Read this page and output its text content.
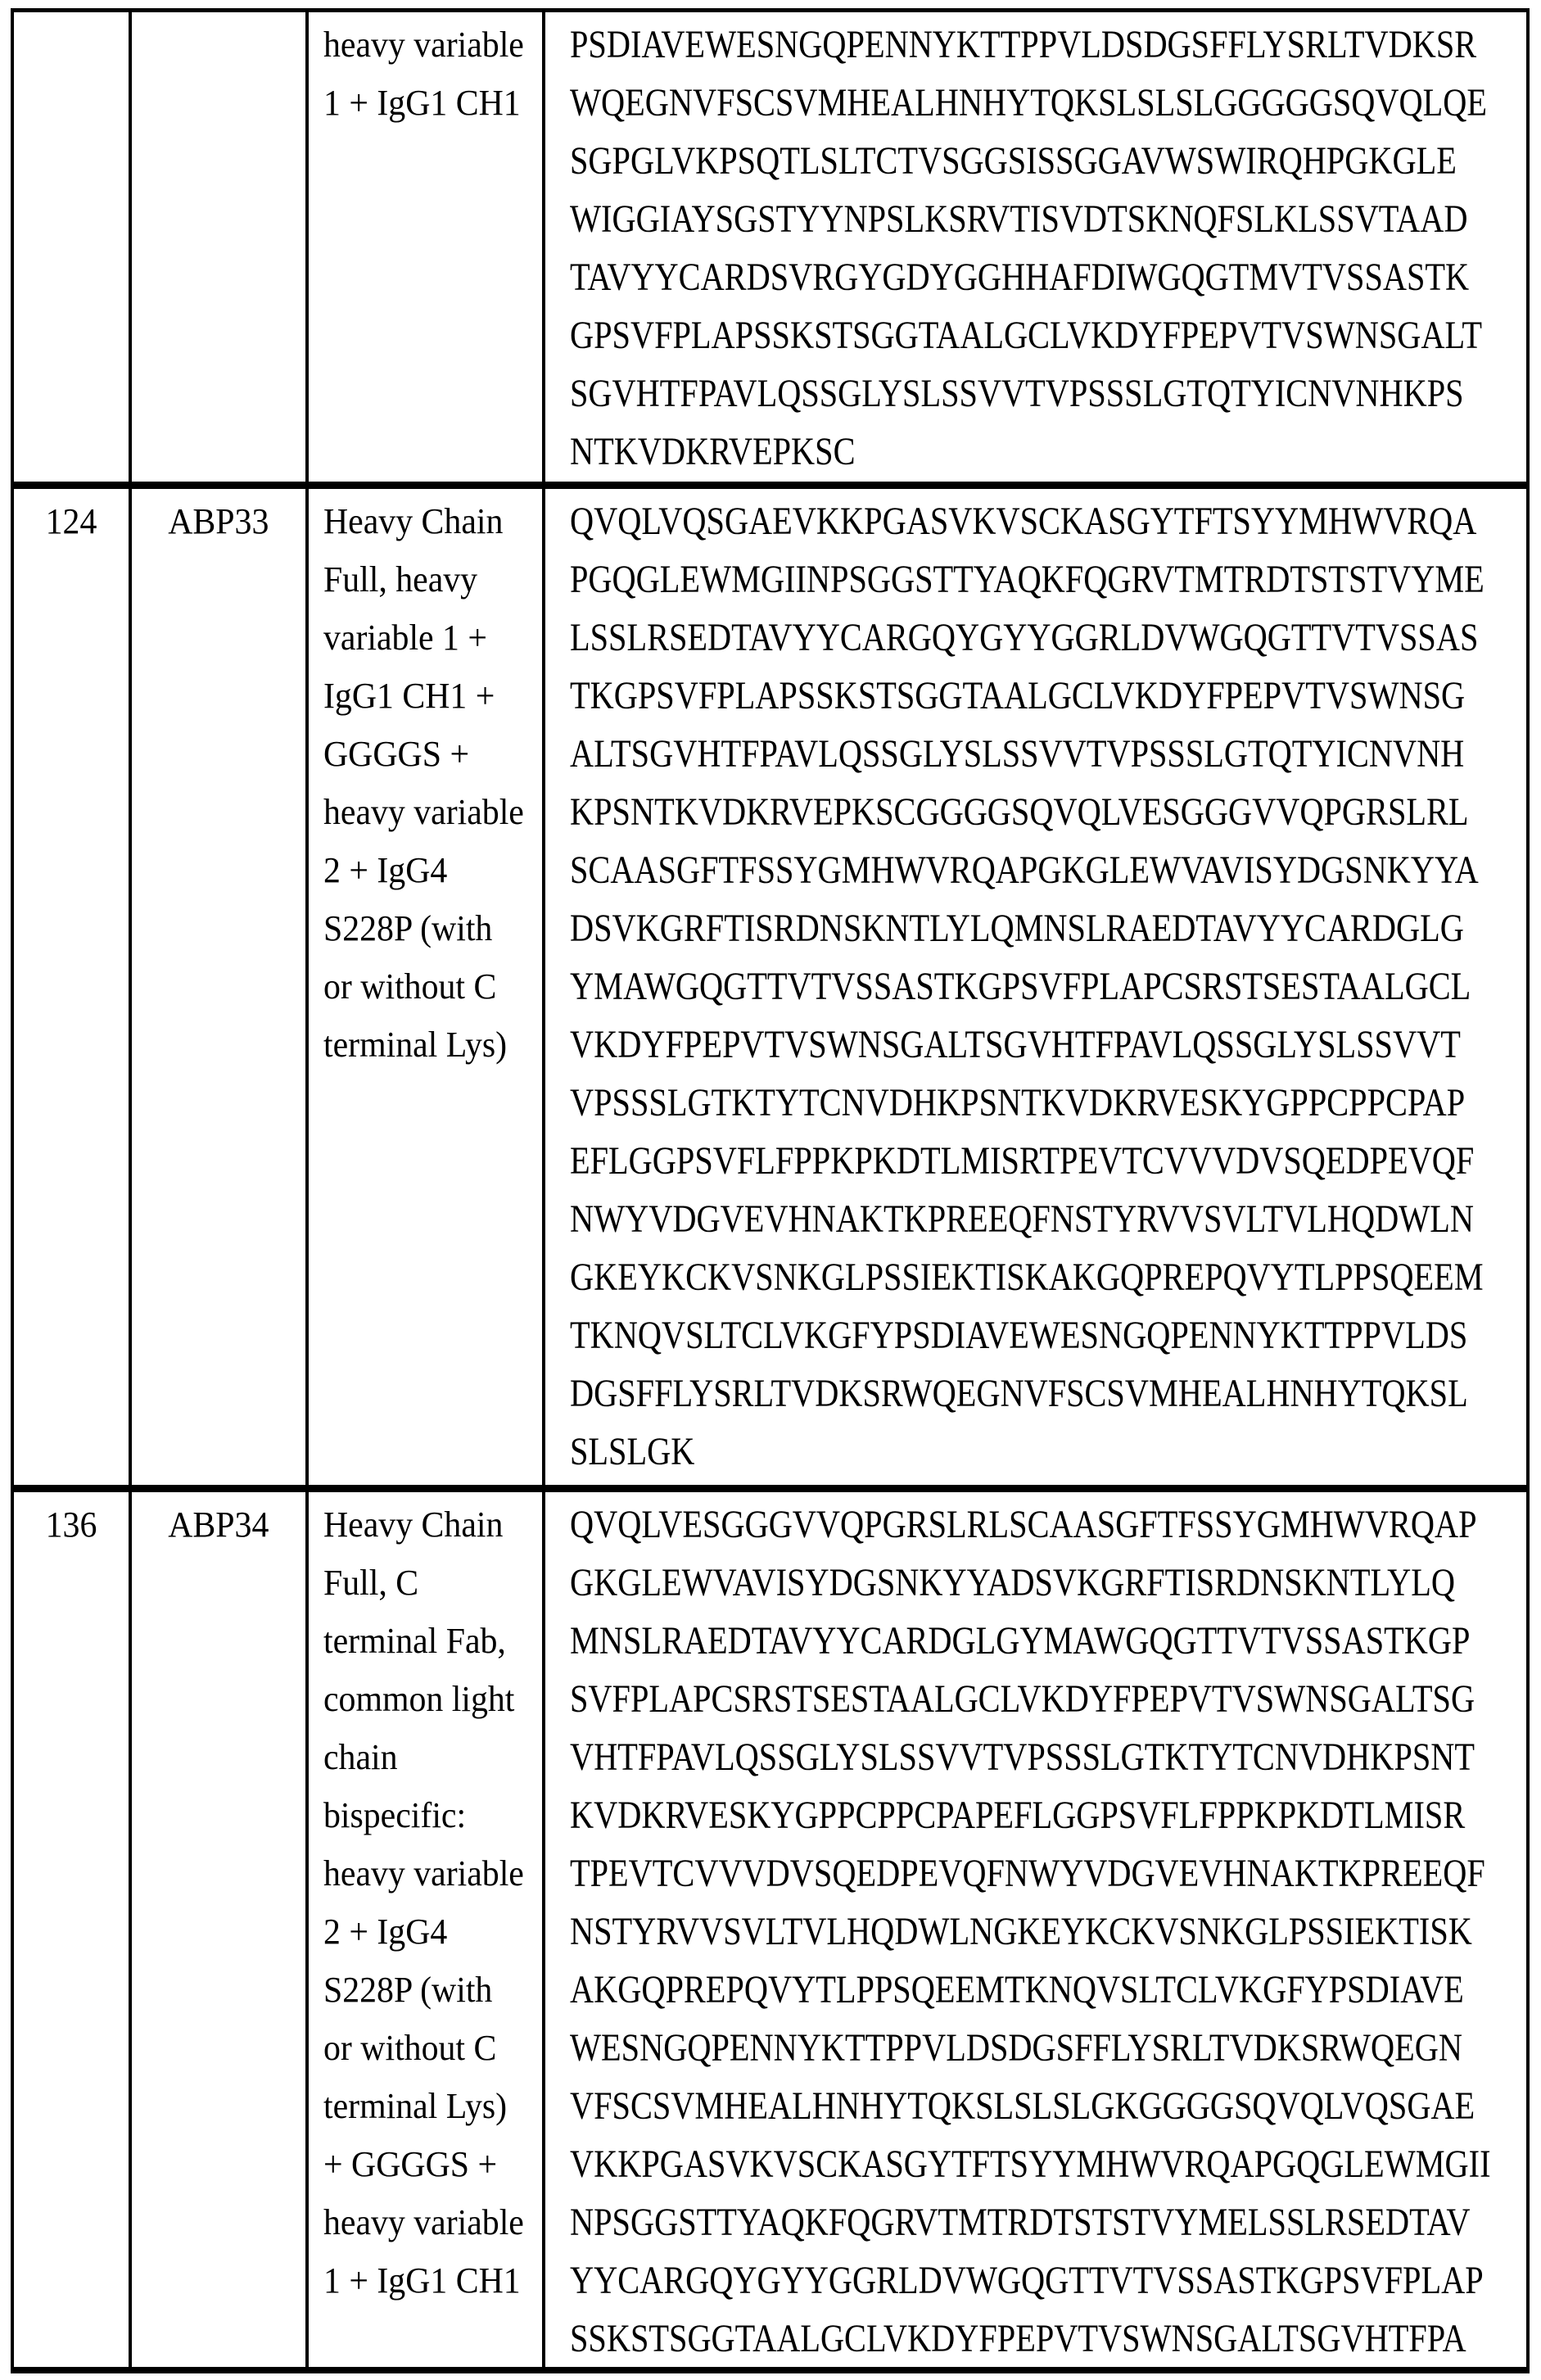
heavy variable
1 + IgG1 CH1
PSDIAVEWESNGQPENNYKTTPPVLDSDGSFFLYSRLTVDKSR
WQEGNVFSCSVMHEALHNHYTQKSLSLSLGGGGGSQVQLQE
SGPGLVKPSQTLSLTCTVSGGSISSGGAVWSWIRQHPGKGLE
WIGGIAYSGSTYYNPSLKSRVTISVDTSKNQFSLKLSSVTAAD
TAVYYCARDSVRGYGDYGGHHAFDIWGQGTMVTVSSASTK
GPSVFPLAPSSKSTSGGTAALGCLVKDYFPEPVTVSWNSGALT
SGVHTFPAVLQSSGLYSLSSVVTVPSSSLGTQTYICNVNHKPS
NTKVDKRVEPKSC
124 ABP33 Heavy Chain
Full, heavy
variable 1 +
IgG1 CH1 +
GGGGS +
heavy variable
2 + IgG4
S228P (with
or without C
terminal Lys)
QVQLVQSGAEVKKPGASVKVSCKASGYTFTSYYMHWVRQA
PGQGLEWMGIINPSGGSTTYAQKFQGRVTMTRDTSTSTVYME
LSSLRSEDTAVYYCARGQYGYYGGRLDVWGQGTTVTVSSAS
TKGPSVFPLAPSSKSTSGGTAALGCLVKDYFPEPVTVSWNSG
ALTSGVHTFPAVLQSSGLYSLSSVVTVPSSSLGTQTYICNVNH
KPSNTKVDKRVEPKSCGGGGSQVQLVESGGGVVQPGRSLRL
SCAASGFTFSSYGMHWVRQAPGKGLEWVAVISYDGSNKYYA
DSVKGRFTISRDNSKNTLYLQMNSLRAEDTAVYYCARDGLG
YMAWGQGTTVTVSSASTKGPSVFPLAPCSRSTSESTAALGCL
VKDYFPEPVTVSWNSGALTSGVHTFPAVLQSSGLYSLSSVVT
VPSSSLGTKTYTCNVDHKPSNTKVDKRVESKYGPPCPPCPAP
EFLGGPSVFLFPPKPKDTLMISRTPEVTCVVVDVSQEDPEVQF
NWYVDGVEVHNAKTKPREEQFNSTYRVVSVLTVLHQDWLN
GKEYKCKVSNKGLPSSIEKTISKAKGQPREPQVYTLPPSQEEM
TKNQVSLTCLVKGFYPSDIAVEWESNGQPENNYKTTPPVLDS
DGSFFLYSRLTVDKSRWQEGNVFSCSVMHEALHNHYTQKSL
SLSLGK
136 ABP34 Heavy Chain
Full, C
terminal Fab,
common light
chain
bispecific:
heavy variable
2 + IgG4
S228P (with
or without C
terminal Lys)
+ GGGGS +
heavy variable
1 + IgG1 CH1
QVQLVESGGGVVQPGRSLRLSCAASGFTFSSYGMHWVRQAP
GKGLEWVAVISYDGSNKYYADSVKGRFTISRDNSKNTLYLQ
MNSLRAEDTAVYYCARDGLGYMAWGQGTTVTVSSASTKGP
SVFPLAPCSRSTSESTAALGCLVKDYFPEPVTVSWNSGALTSG
VHTFPAVLQSSGLYSLSSVVTVPSSSLGTKTYTCNVDHKPSNT
KVDKRVESKYGPPCPPCPAPEFLGGPSVFLFPPKPKDTLMISR
TPEVTCVVVDVSQEDPEVQFNWYVDGVEVHNAKTKPREEQF
NSTYRVVSVLTVLHQDWLNGKEYKCKVSNKGLPSSIEKTISK
AKGQPREPQVYTLPPSQEEMTKNQVSLTCLVKGFYPSDIAVE
WESNGQPENNYKTTPPVLDSDGSFFLYSRLTVDKSRWQEGN
VFSCSVMHEALHNHYTQKSLSLSLGKGGGGSQVQLVQSGAE
VKKPGASVKVSCKASGYTFTSYYMHWVRQAPGQGLEWMGII
NPSGGSTTYAQKFQGRVTMTRDTSTSTVYMELSSLRSEDTAV
YYCARGQYGYYGGRLDVWGQGTTVTVSSASTKGPSVFPLAP
SSKSTSGGTAALGCLVKDYFPEPVTVSWNSGALTSGVHTFPA
